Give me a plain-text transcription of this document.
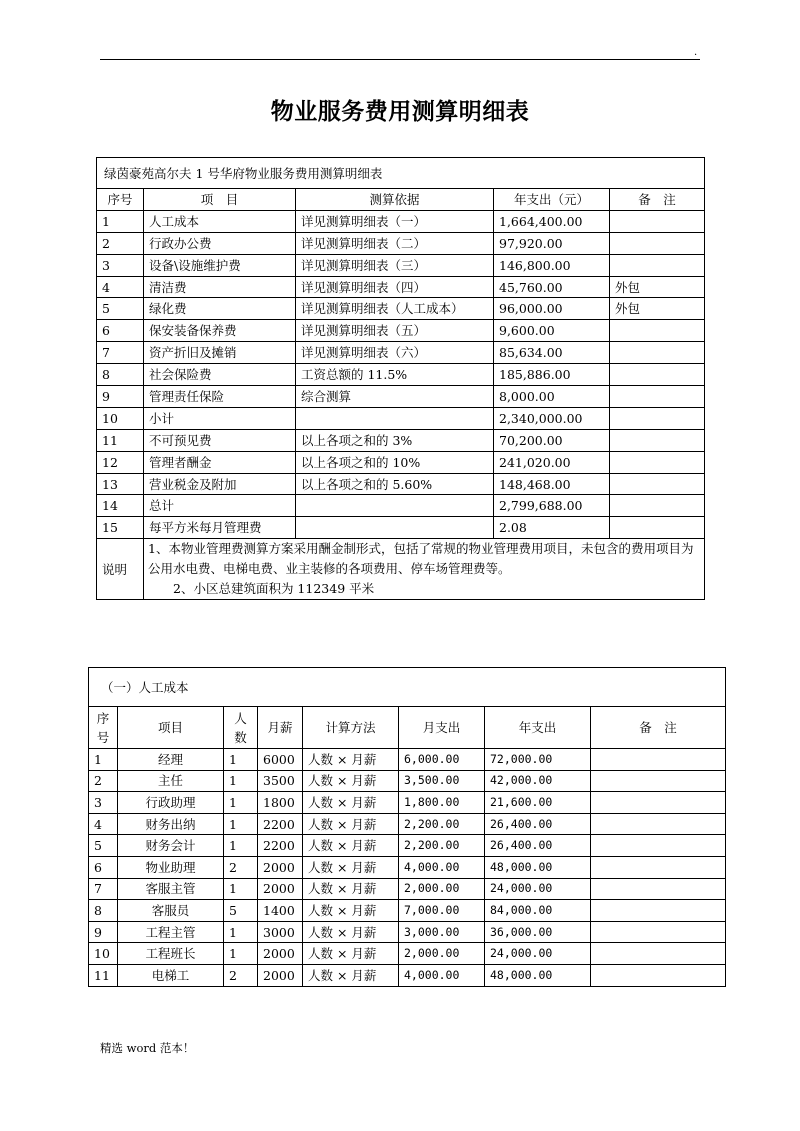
.
物业服务费用测算明细表
绿茵豪苑高尔夫 1 号华府物业服务费用测算明细表				
序号	项　目	测算依据	年支出（元）	备　注
1	人工成本	详见测算明细表（一）	1,664,400.00	
2	行政办公费	详见测算明细表（二）	97,920.00	
3	设备\设施维护费	详见测算明细表（三）	146,800.00	
4	清洁费	详见测算明细表（四）	45,760.00	外包
5	绿化费	详见测算明细表（人工成本）	96,000.00	外包
6	保安装备保养费	详见测算明细表（五）	9,600.00	
7	资产折旧及摊销	详见测算明细表（六）	85,634.00	
8	社会保险费	工资总额的 11.5%	185,886.00	
9	管理责任保险	综合测算	8,000.00	
10	小计		2,340,000.00	
11	不可预见费	以上各项之和的 3%	70,200.00	
12	管理者酬金	以上各项之和的 10%	241,020.00	
13	营业税金及附加	以上各项之和的 5.60%	148,468.00	
14	总计		2,799,688.00	
15	每平方米每月管理费		2.08	
说明	1、本物业管理费测算方案采用酬金制形式，包括了常规的物业管理费用项目，未包含的费用项目为公用水电费、电梯电费、业主装修的各项费用、停车场管理费等。
2、小区总建筑面积为 112349 平米			
（一）人工成本							
序
号	项目	人
数	月薪	计算方法	月支出	年支出	备　注
1	经理	1	6000	人数 × 月薪	6,000.00	72,000.00	
2	主任	1	3500	人数 × 月薪	3,500.00	42,000.00	
3	行政助理	1	1800	人数 × 月薪	1,800.00	21,600.00	
4	财务出纳	1	2200	人数 × 月薪	2,200.00	26,400.00	
5	财务会计	1	2200	人数 × 月薪	2,200.00	26,400.00	
6	物业助理	2	2000	人数 × 月薪	4,000.00	48,000.00	
7	客服主管	1	2000	人数 × 月薪	2,000.00	24,000.00	
8	客服员	5	1400	人数 × 月薪	7,000.00	84,000.00	
9	工程主管	1	3000	人数 × 月薪	3,000.00	36,000.00	
10	工程班长	1	2000	人数 × 月薪	2,000.00	24,000.00	
11	电梯工	2	2000	人数 × 月薪	4,000.00	48,000.00	
精选 word 范本！
